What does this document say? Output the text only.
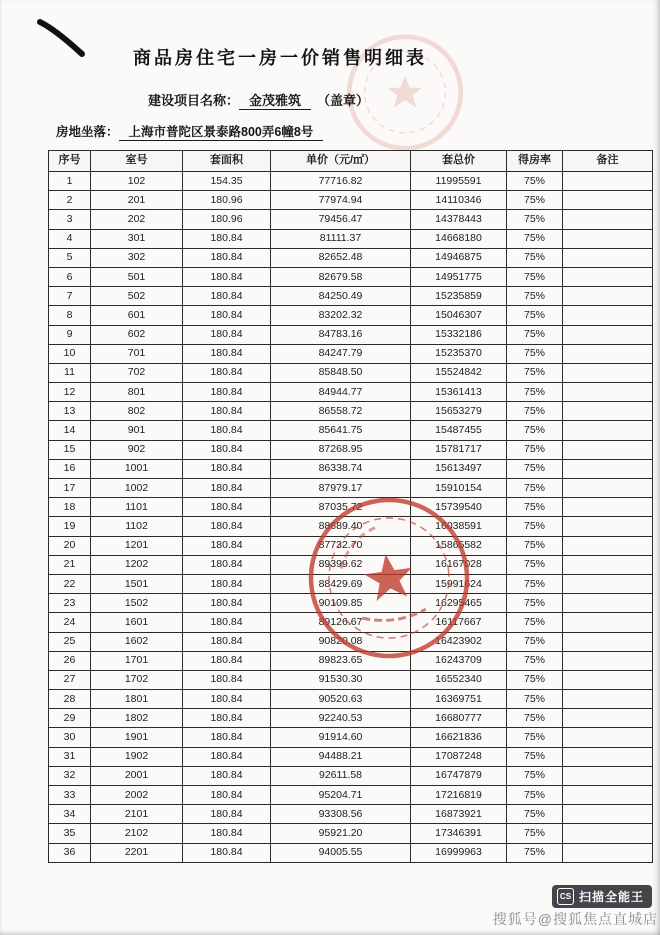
商品房住宅一房一价销售明细表
建设项目名称： 金茂雅筑 （盖章）
房地坐落： 上海市普陀区景泰路800弄6幢8号
序号	室号	套面积	单价（元/㎡）	套总价	得房率	备注
1	102	154.35	77716.82	11995591	75%	
2	201	180.96	77974.94	14110346	75%	
3	202	180.96	79456.47	14378443	75%	
4	301	180.84	81111.37	14668180	75%	
5	302	180.84	82652.48	14946875	75%	
6	501	180.84	82679.58	14951775	75%	
7	502	180.84	84250.49	15235859	75%	
8	601	180.84	83202.32	15046307	75%	
9	602	180.84	84783.16	15332186	75%	
10	701	180.84	84247.79	15235370	75%	
11	702	180.84	85848.50	15524842	75%	
12	801	180.84	84944.77	15361413	75%	
13	802	180.84	86558.72	15653279	75%	
14	901	180.84	85641.75	15487455	75%	
15	902	180.84	87268.95	15781717	75%	
16	1001	180.84	86338.74	15613497	75%	
17	1002	180.84	87979.17	15910154	75%	
18	1101	180.84	87035.72	15739540	75%	
19	1102	180.84	88689.40	16038591	75%	
20	1201	180.84	87732.70	15865582	75%	
21	1202	180.84	89399.62	16167028	75%	
22	1501	180.84	88429.69	15991624	75%	
23	1502	180.84	90109.85	16295465	75%	
24	1601	180.84	89126.67	16117667	75%	
25	1602	180.84	90820.08	16423902	75%	
26	1701	180.84	89823.65	16243709	75%	
27	1702	180.84	91530.30	16552340	75%	
28	1801	180.84	90520.63	16369751	75%	
29	1802	180.84	92240.53	16680777	75%	
30	1901	180.84	91914.60	16621836	75%	
31	1902	180.84	94488.21	17087248	75%	
32	2001	180.84	92611.58	16747879	75%	
33	2002	180.84	95204.71	17216819	75%	
34	2101	180.84	93308.56	16873921	75%	
35	2102	180.84	95921.20	17346391	75%	
36	2201	180.84	94005.55	16999963	75%	
CS 扫描全能王
搜狐号@搜狐焦点直城店
